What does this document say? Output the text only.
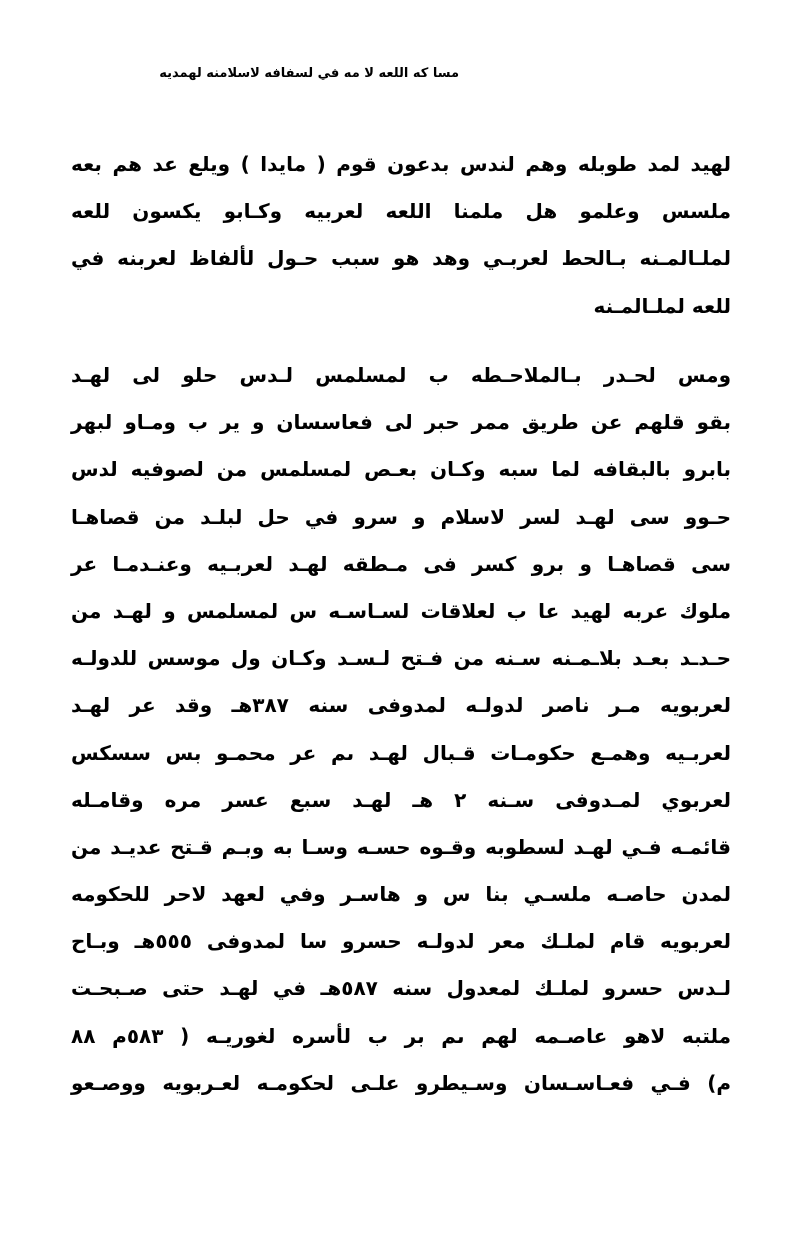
مسا كه اللعه لا مه في لسفافه لاسلامنه لهمديه
لهيد لمد طوبله وهم لندس بدعون قوم ( مايدا ) ويلع عد هم بعه
ملسس وعلمو هل ملمنا اللعه لعربيه وكـابو يكسون للعه
لملـالمـنه بـالحط لعربـي وهد هو سبب حـول لألفاظ لعربنه في
للعه لملـالمـنه
ومس لحـدر بـالملاحـطه ب لمسلمس لـدس حلو لى لهـد
بقو قلهم عن طريق ممر حبر لى فعاسسان و ير ب ومـاو لبهر
بابرو بالبقافه لما سبه وكـان بعـص لمسلمس من لصوفيه لدس
حـوو سى لهـد لسر لاسلام و سرو في حل لبلـد من قصاهـا
سى قصاهـا و برو كسر فى مـطقه لهـد لعربـيه وعنـدمـا عر
ملوك عربه لهيد عا ب لعلاقات لسـاسـه س لمسلمس و لهـد من
حـدـد بعـد بلاـمـنه سـنه من فـتح لـسـد وكـان ول موسس للدولـه
لعربويه مـر ناصر لدولـه لمدوفى سنه ٣٨٧هـ وقد عر لهـد
لعربـيه وهمـع حكومـات قـبال لهـد ىم عر محمـو بس سسكس
لعربوي لمـدوفى سـنه ٢ هـ لهـد سبع عسر مره وقامـله
قائمـه فـي لهـد لسطوبه وقـوه حسـه وسـا به وبـم قـتح عديـد من
لمدن حاصـه ملسـي بنا س و هاسـر وفي لعهد لاحر للحكومه
لعربويه قام لملـك معر لدولـه حسرو سا لمدوفى ٥٥٥هـ وبـاح
لـدس حسرو لملـك لمعدول سنه ٥٨٧هـ في لهـد حتى صـبحـت
ملتبه لاهو عاصـمه لهم ىم بر ب لأسره لغوريـه ( ٥٨٣م ٨٨
م) فـي فعـاسـسان وسـيطرو علـى لحكومـه لعـربويه ووصـعو
